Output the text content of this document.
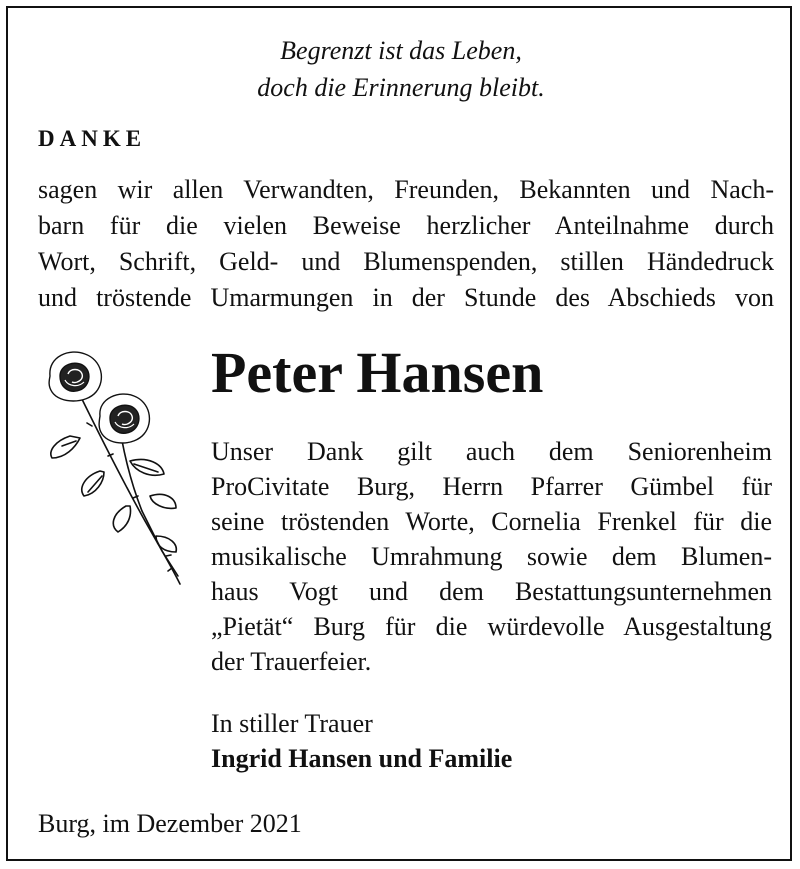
Begrenzt ist das Leben,
doch die Erinnerung bleibt.
DANKE
sagen wir allen Verwandten, Freunden, Bekannten und Nach-
barn für die vielen Beweise herzlicher Anteilnahme durch
Wort, Schrift, Geld- und Blumenspenden, stillen Händedruck
und tröstende Umarmungen in der Stunde des Abschieds von
Peter Hansen
Unser Dank gilt auch dem Seniorenheim
ProCivitate Burg, Herrn Pfarrer Gümbel für
seine tröstenden Worte, Cornelia Frenkel für die
musikalische Umrahmung sowie dem Blumen-
haus Vogt und dem Bestattungsunternehmen
„Pietät“ Burg für die würdevolle Ausgestaltung
der Trauerfeier.
In stiller Trauer
Ingrid Hansen und Familie
Burg, im Dezember 2021
